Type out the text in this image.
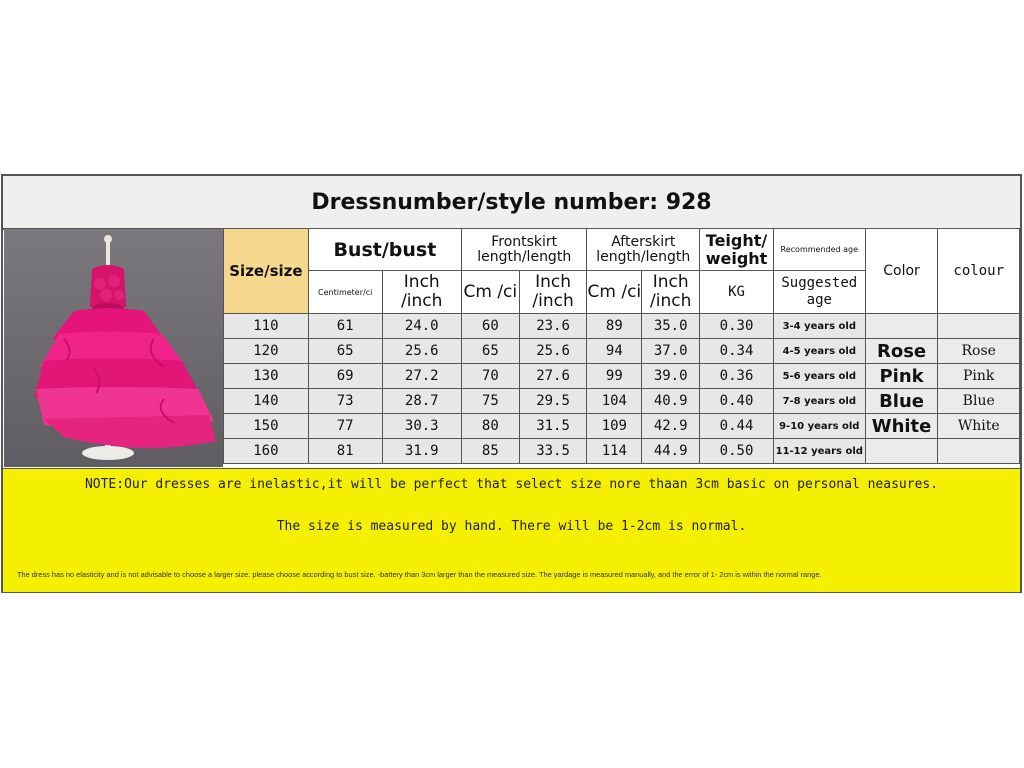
Dressnumber/style number: 928
Size/size	Bust/bust		Frontskirt length/length		Afterskirt length/length		Teight/ weight	Recommended age	Color	colour
	Centimeter/ci	Inch /inch	Cm /ci	Inch /inch	Cm /ci	Inch /inch	KG	Suggested age		
110	61	24.0	60	23.6	89	35.0	0.30	3-4 years old		
120	65	25.6	65	25.6	94	37.0	0.34	4-5 years old	Rose	Rose
130	69	27.2	70	27.6	99	39.0	0.36	5-6 years old	Pink	Pink
140	73	28.7	75	29.5	104	40.9	0.40	7-8 years old	Blue	Blue
150	77	30.3	80	31.5	109	42.9	0.44	9-10 years old	White	White
160	81	31.9	85	33.5	114	44.9	0.50	11-12 years old		
NOTE:Our dresses are inelastic,it will be perfect that select size nore thaan 3cm basic on personal neasures.
The size is measured by hand. There will be 1-2cm is normal.
The dress has no elasticity and is not advisable to choose a larger size. please choose according to bust size. -battery than 3cm larger than the measured size. The yardage is measured manually, and the error of 1- 2cm is within the normal range.
